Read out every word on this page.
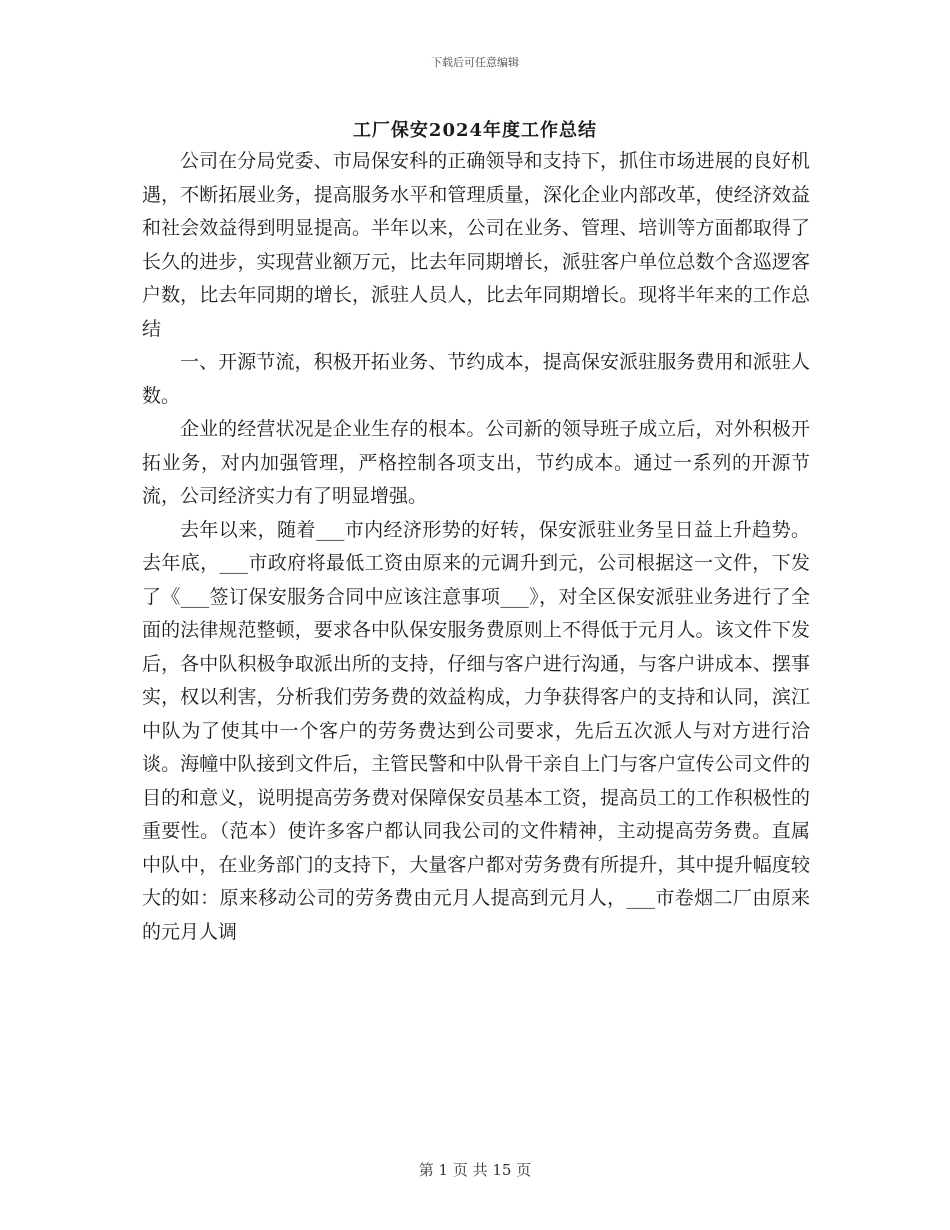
下载后可任意编辑
工厂保安2024年度工作总结

公司在分局党委、市局保安科的正确领导和支持下，抓住市场进展的良好机遇，不断拓展业务，提高服务水平和管理质量，深化企业内部改革，使经济效益和社会效益得到明显提高。半年以来，公司在业务、管理、培训等方面都取得了长久的进步，实现营业额万元，比去年同期增长，派驻客户单位总数个含巡逻客户数，比去年同期的增长，派驻人员人，比去年同期增长。现将半年来的工作总结

一、开源节流，积极开拓业务、节约成本，提高保安派驻服务费用和派驻人数。

企业的经营状况是企业生存的根本。公司新的领导班子成立后，对外积极开拓业务，对内加强管理，严格控制各项支出，节约成本。通过一系列的开源节流，公司经济实力有了明显增强。

去年以来，随着___市内经济形势的好转，保安派驻业务呈日益上升趋势。去年底，___市政府将最低工资由原来的元调升到元，公司根据这一文件，下发了《___签订保安服务合同中应该注意事项___》，对全区保安派驻业务进行了全面的法律规范整顿，要求各中队保安服务费原则上不得低于元月人。该文件下发后，各中队积极争取派出所的支持，仔细与客户进行沟通，与客户讲成本、摆事实，权以利害，分析我们劳务费的效益构成，力争获得客户的支持和认同，滨江中队为了使其中一个客户的劳务费达到公司要求，先后五次派人与对方进行洽谈。海幢中队接到文件后，主管民警和中队骨干亲自上门与客户宣传公司文件的目的和意义，说明提高劳务费对保障保安员基本工资，提高员工的工作积极性的重要性。（范本）使许多客户都认同我公司的文件精神，主动提高劳务费。直属中队中，在业务部门的支持下，大量客户都对劳务费有所提升，其中提升幅度较大的如：原来移动公司的劳务费由元月人提高到元月人，___市卷烟二厂由原来的元月人调

第 1 页 共 15 页
